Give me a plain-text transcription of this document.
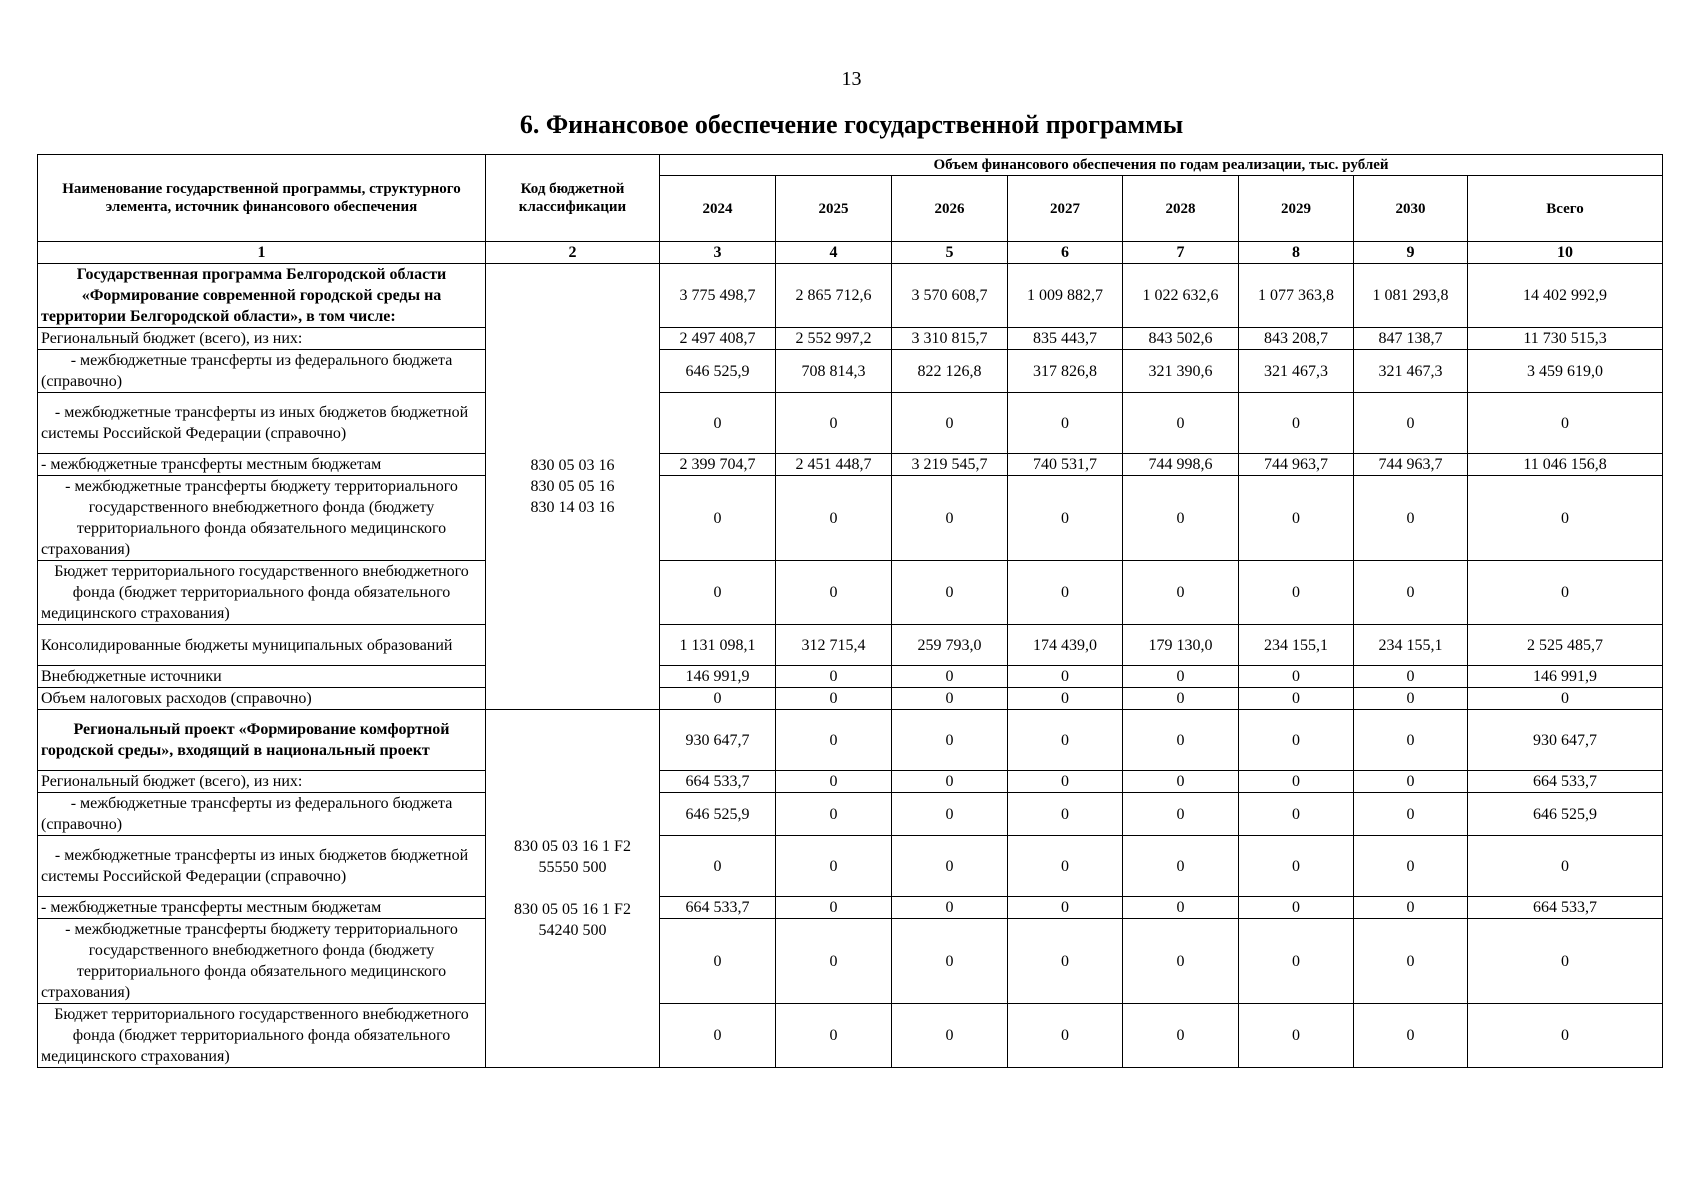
13
6. Финансовое обеспечение государственной программы
Наименование государственной программы, структурного элемента, источник финансового обеспечения	Код бюджетной классификации	Объем финансового обеспечения по годам реализации, тыс. рублей							
		2024	2025	2026	2027	2028	2029	2030	Всего
1	2	3	4	5	6	7	8	9	10
Государственная программа Белгородской области «Формирование современной городской среды на территории Белгородской области», в том числе:	830 05 03 16
830 05 05 16
830 14 03 16	3 775 498,7	2 865 712,6	3 570 608,7	1 009 882,7	1 022 632,6	1 077 363,8	1 081 293,8	14 402 992,9
Региональный бюджет (всего), из них:		2 497 408,7	2 552 997,2	3 310 815,7	835 443,7	843 502,6	843 208,7	847 138,7	11 730 515,3
- межбюджетные трансферты из федерального бюджета (справочно)		646 525,9	708 814,3	822 126,8	317 826,8	321 390,6	321 467,3	321 467,3	3 459 619,0
- межбюджетные трансферты из иных бюджетов бюджетной системы Российской Федерации (справочно)		0	0	0	0	0	0	0	0
- межбюджетные трансферты местным бюджетам		2 399 704,7	2 451 448,7	3 219 545,7	740 531,7	744 998,6	744 963,7	744 963,7	11 046 156,8
- межбюджетные трансферты бюджету территориального государственного внебюджетного фонда (бюджету территориального фонда обязательного медицинского страхования)		0	0	0	0	0	0	0	0
Бюджет территориального государственного внебюджетного фонда (бюджет территориального фонда обязательного медицинского страхования)		0	0	0	0	0	0	0	0
Консолидированные бюджеты муниципальных образований		1 131 098,1	312 715,4	259 793,0	174 439,0	179 130,0	234 155,1	234 155,1	2 525 485,7
Внебюджетные источники		146 991,9	0	0	0	0	0	0	146 991,9
Объем налоговых расходов (справочно)		0	0	0	0	0	0	0	0
Региональный проект «Формирование комфортной городской среды», входящий в национальный проект	830 05 03 16 1 F2
55550 500

830 05 05 16 1 F2
54240 500	930 647,7	0	0	0	0	0	0	930 647,7
Региональный бюджет (всего), из них:		664 533,7	0	0	0	0	0	0	664 533,7
- межбюджетные трансферты из федерального бюджета (справочно)		646 525,9	0	0	0	0	0	0	646 525,9
- межбюджетные трансферты из иных бюджетов бюджетной системы Российской Федерации (справочно)		0	0	0	0	0	0	0	0
- межбюджетные трансферты местным бюджетам		664 533,7	0	0	0	0	0	0	664 533,7
- межбюджетные трансферты бюджету территориального государственного внебюджетного фонда (бюджету территориального фонда обязательного медицинского страхования)		0	0	0	0	0	0	0	0
Бюджет территориального государственного внебюджетного фонда (бюджет территориального фонда обязательного медицинского страхования)		0	0	0	0	0	0	0	0
